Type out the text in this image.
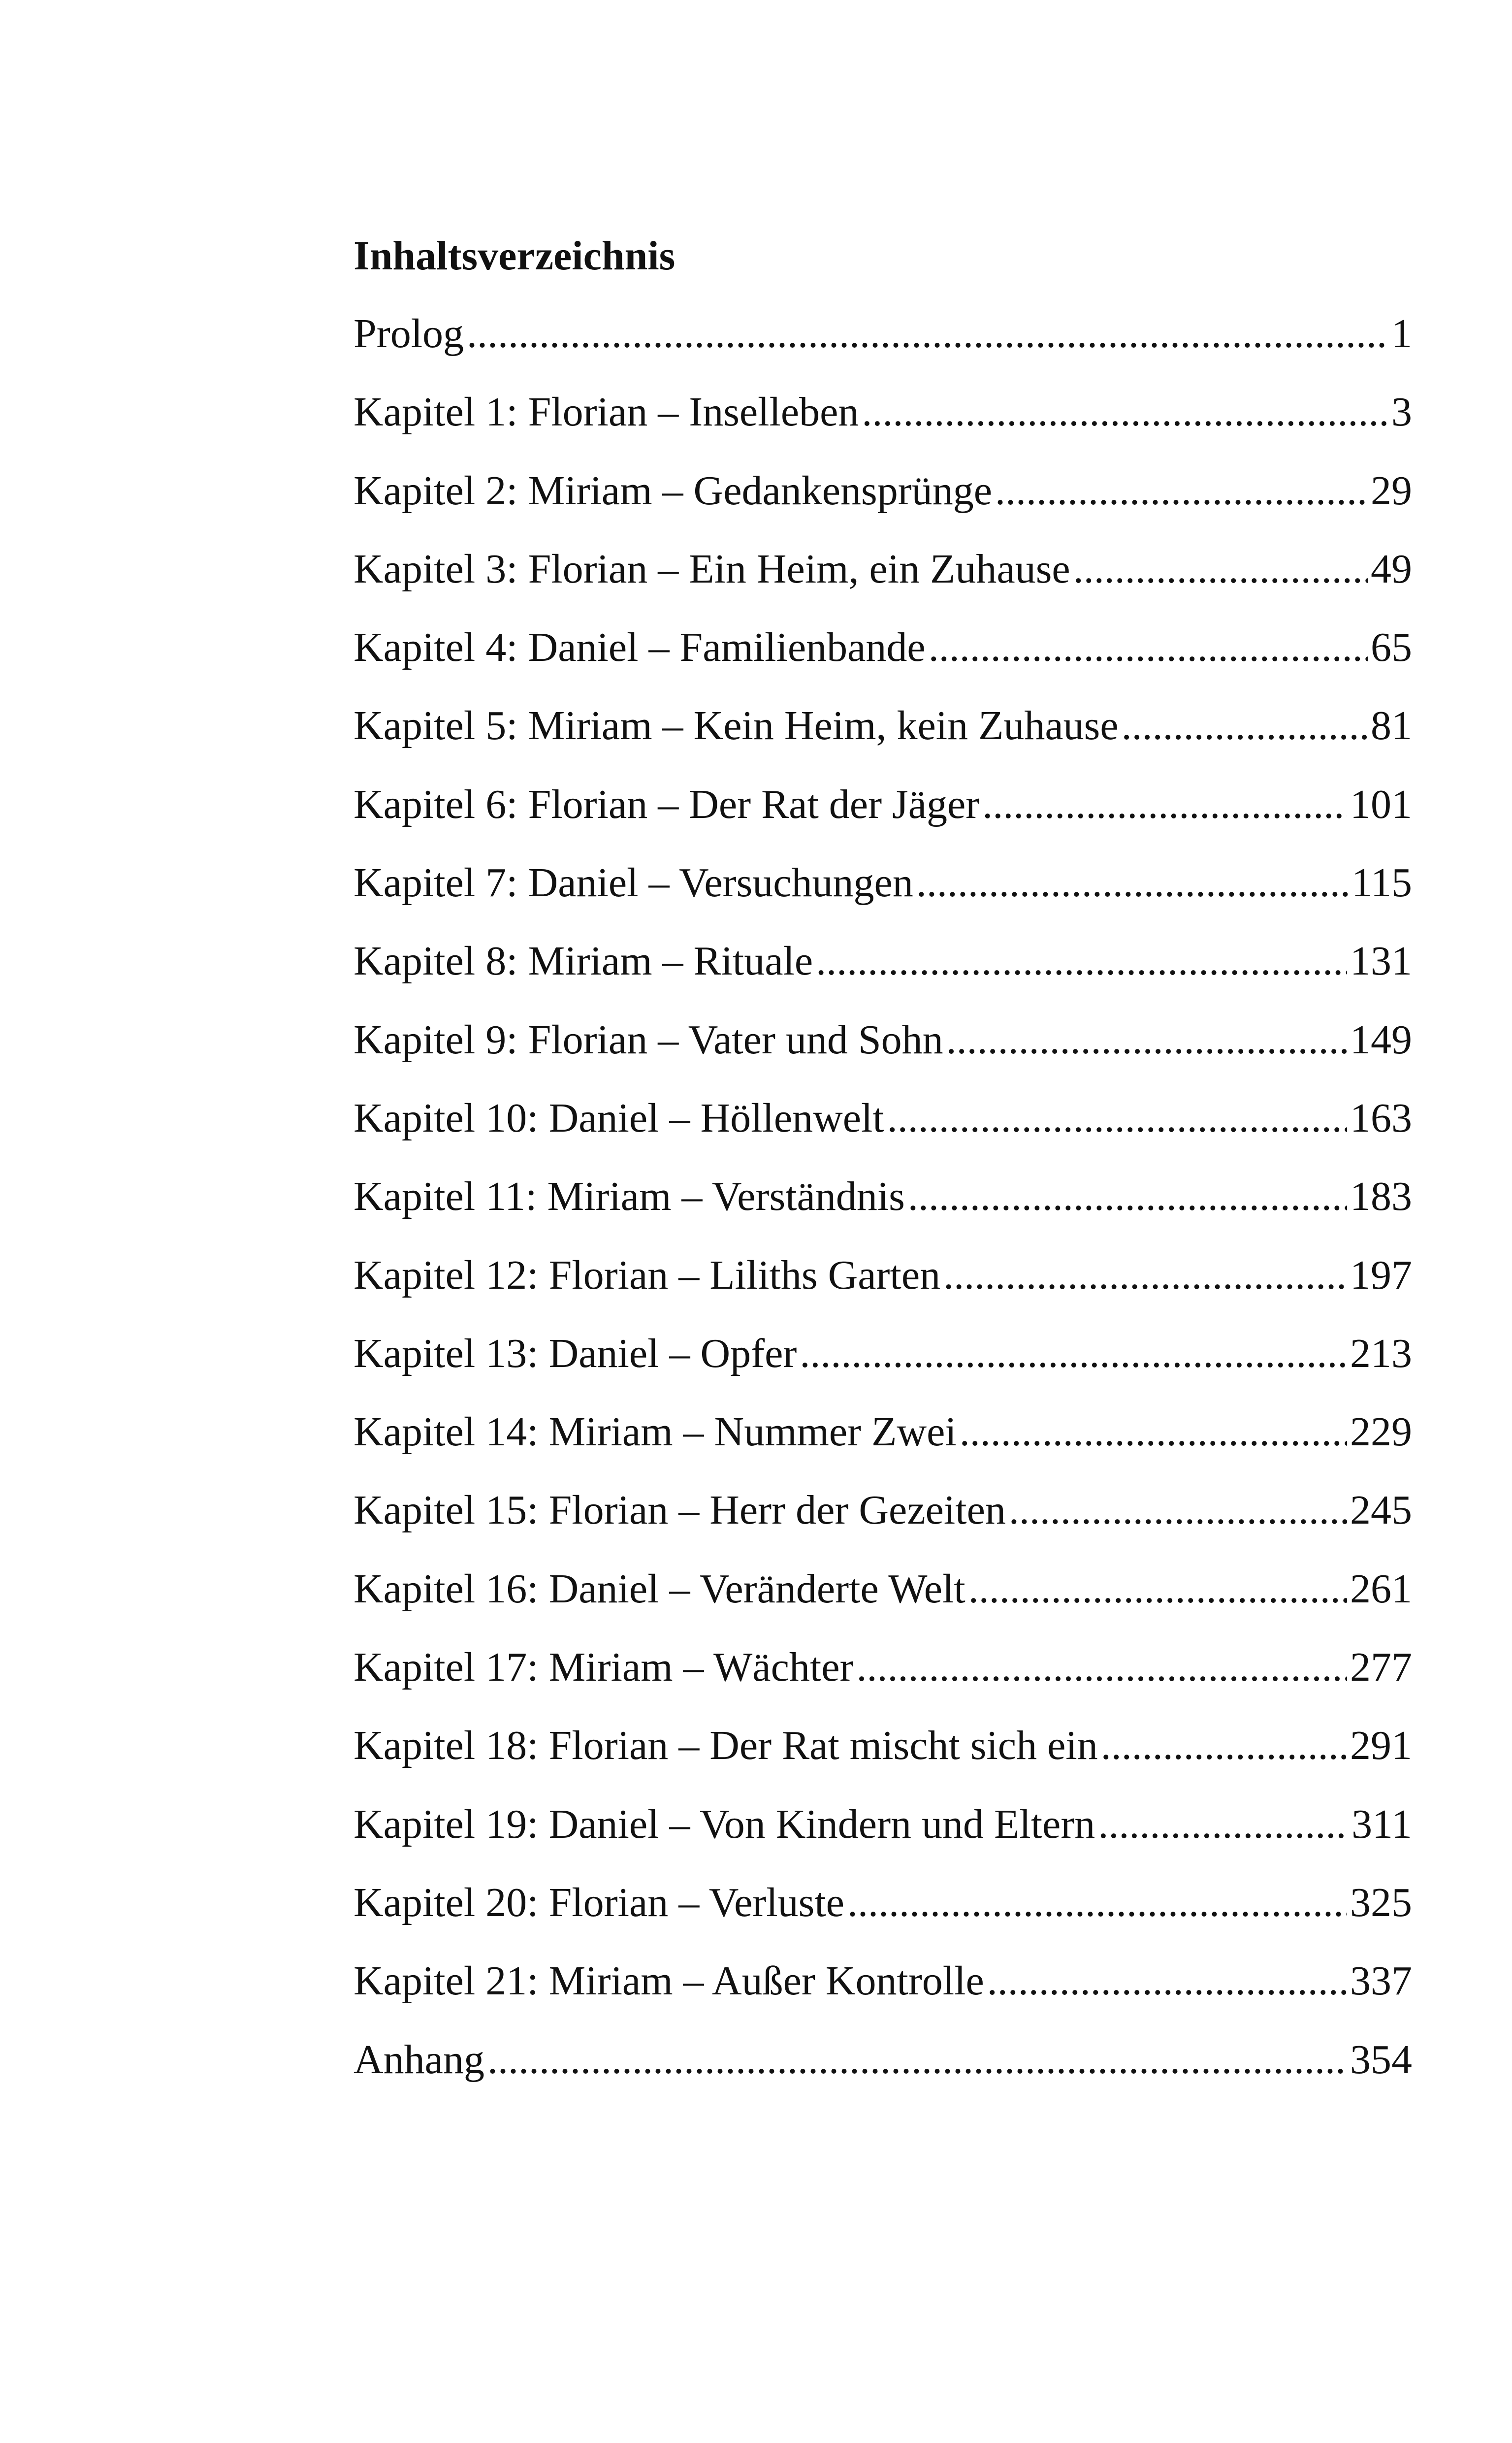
Inhaltsverzeichnis
Prolog .....	1
Kapitel 1: Florian – Inselleben .....	3
Kapitel 2: Miriam – Gedankensprünge .....	29
Kapitel 3: Florian – Ein Heim, ein Zuhause .....	49
Kapitel 4: Daniel – Familienbande .....	65
Kapitel 5: Miriam – Kein Heim, kein Zuhause .....	81
Kapitel 6: Florian – Der Rat der Jäger .....	101
Kapitel 7: Daniel – Versuchungen .....	115
Kapitel 8: Miriam – Rituale .....	131
Kapitel 9: Florian – Vater und Sohn .....	149
Kapitel 10: Daniel – Höllenwelt .....	163
Kapitel 11: Miriam – Verständnis .....	183
Kapitel 12: Florian – Liliths Garten .....	197
Kapitel 13: Daniel – Opfer .....	213
Kapitel 14: Miriam – Nummer Zwei .....	229
Kapitel 15: Florian – Herr der Gezeiten .....	245
Kapitel 16: Daniel – Veränderte Welt .....	261
Kapitel 17: Miriam – Wächter .....	277
Kapitel 18: Florian – Der Rat mischt sich ein .....	291
Kapitel 19: Daniel – Von Kindern und Eltern .....	311
Kapitel 20: Florian – Verluste .....	325
Kapitel 21: Miriam – Außer Kontrolle .....	337
Anhang .....	354
